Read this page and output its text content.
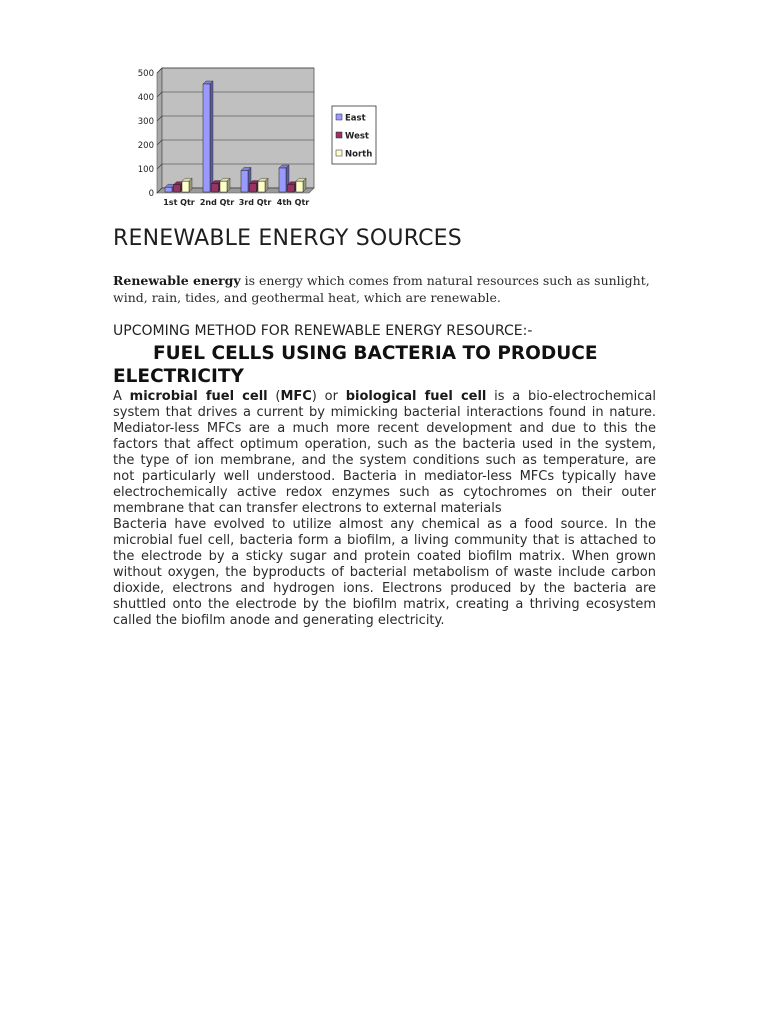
0
100
200
300
400
500
1st Qtr 2nd Qtr 3rd Qtr 4th Qtr
East
West
North
RENEWABLE ENERGY SOURCES

Renewable energy is energy which comes from natural resources such as sunlight, wind, rain, tides, and geothermal heat, which are renewable.

UPCOMING METHOD FOR RENEWABLE ENERGY RESOURCE:-
FUEL CELLS USING BACTERIA TO PRODUCE ELECTRICITY

A microbial fuel cell (MFC) or biological fuel cell is a bio-electrochemical system that drives a current by mimicking bacterial interactions found in nature. Mediator-less MFCs are a much more recent development and due to this the factors that affect optimum operation, such as the bacteria used in the system, the type of ion membrane, and the system conditions such as temperature, are not particularly well understood. Bacteria in mediator-less MFCs typically have electrochemically active redox enzymes such as cytochromes on their outer membrane that can transfer electrons to external materials

Bacteria have evolved to utilize almost any chemical as a food source. In the microbial fuel cell, bacteria form a biofilm, a living community that is attached to the electrode by a sticky sugar and protein coated biofilm matrix. When grown without oxygen, the byproducts of bacterial metabolism of waste include carbon dioxide, electrons and hydrogen ions. Electrons produced by the bacteria are shuttled onto the electrode by the biofilm matrix, creating a thriving ecosystem called the biofilm anode and generating electricity.
